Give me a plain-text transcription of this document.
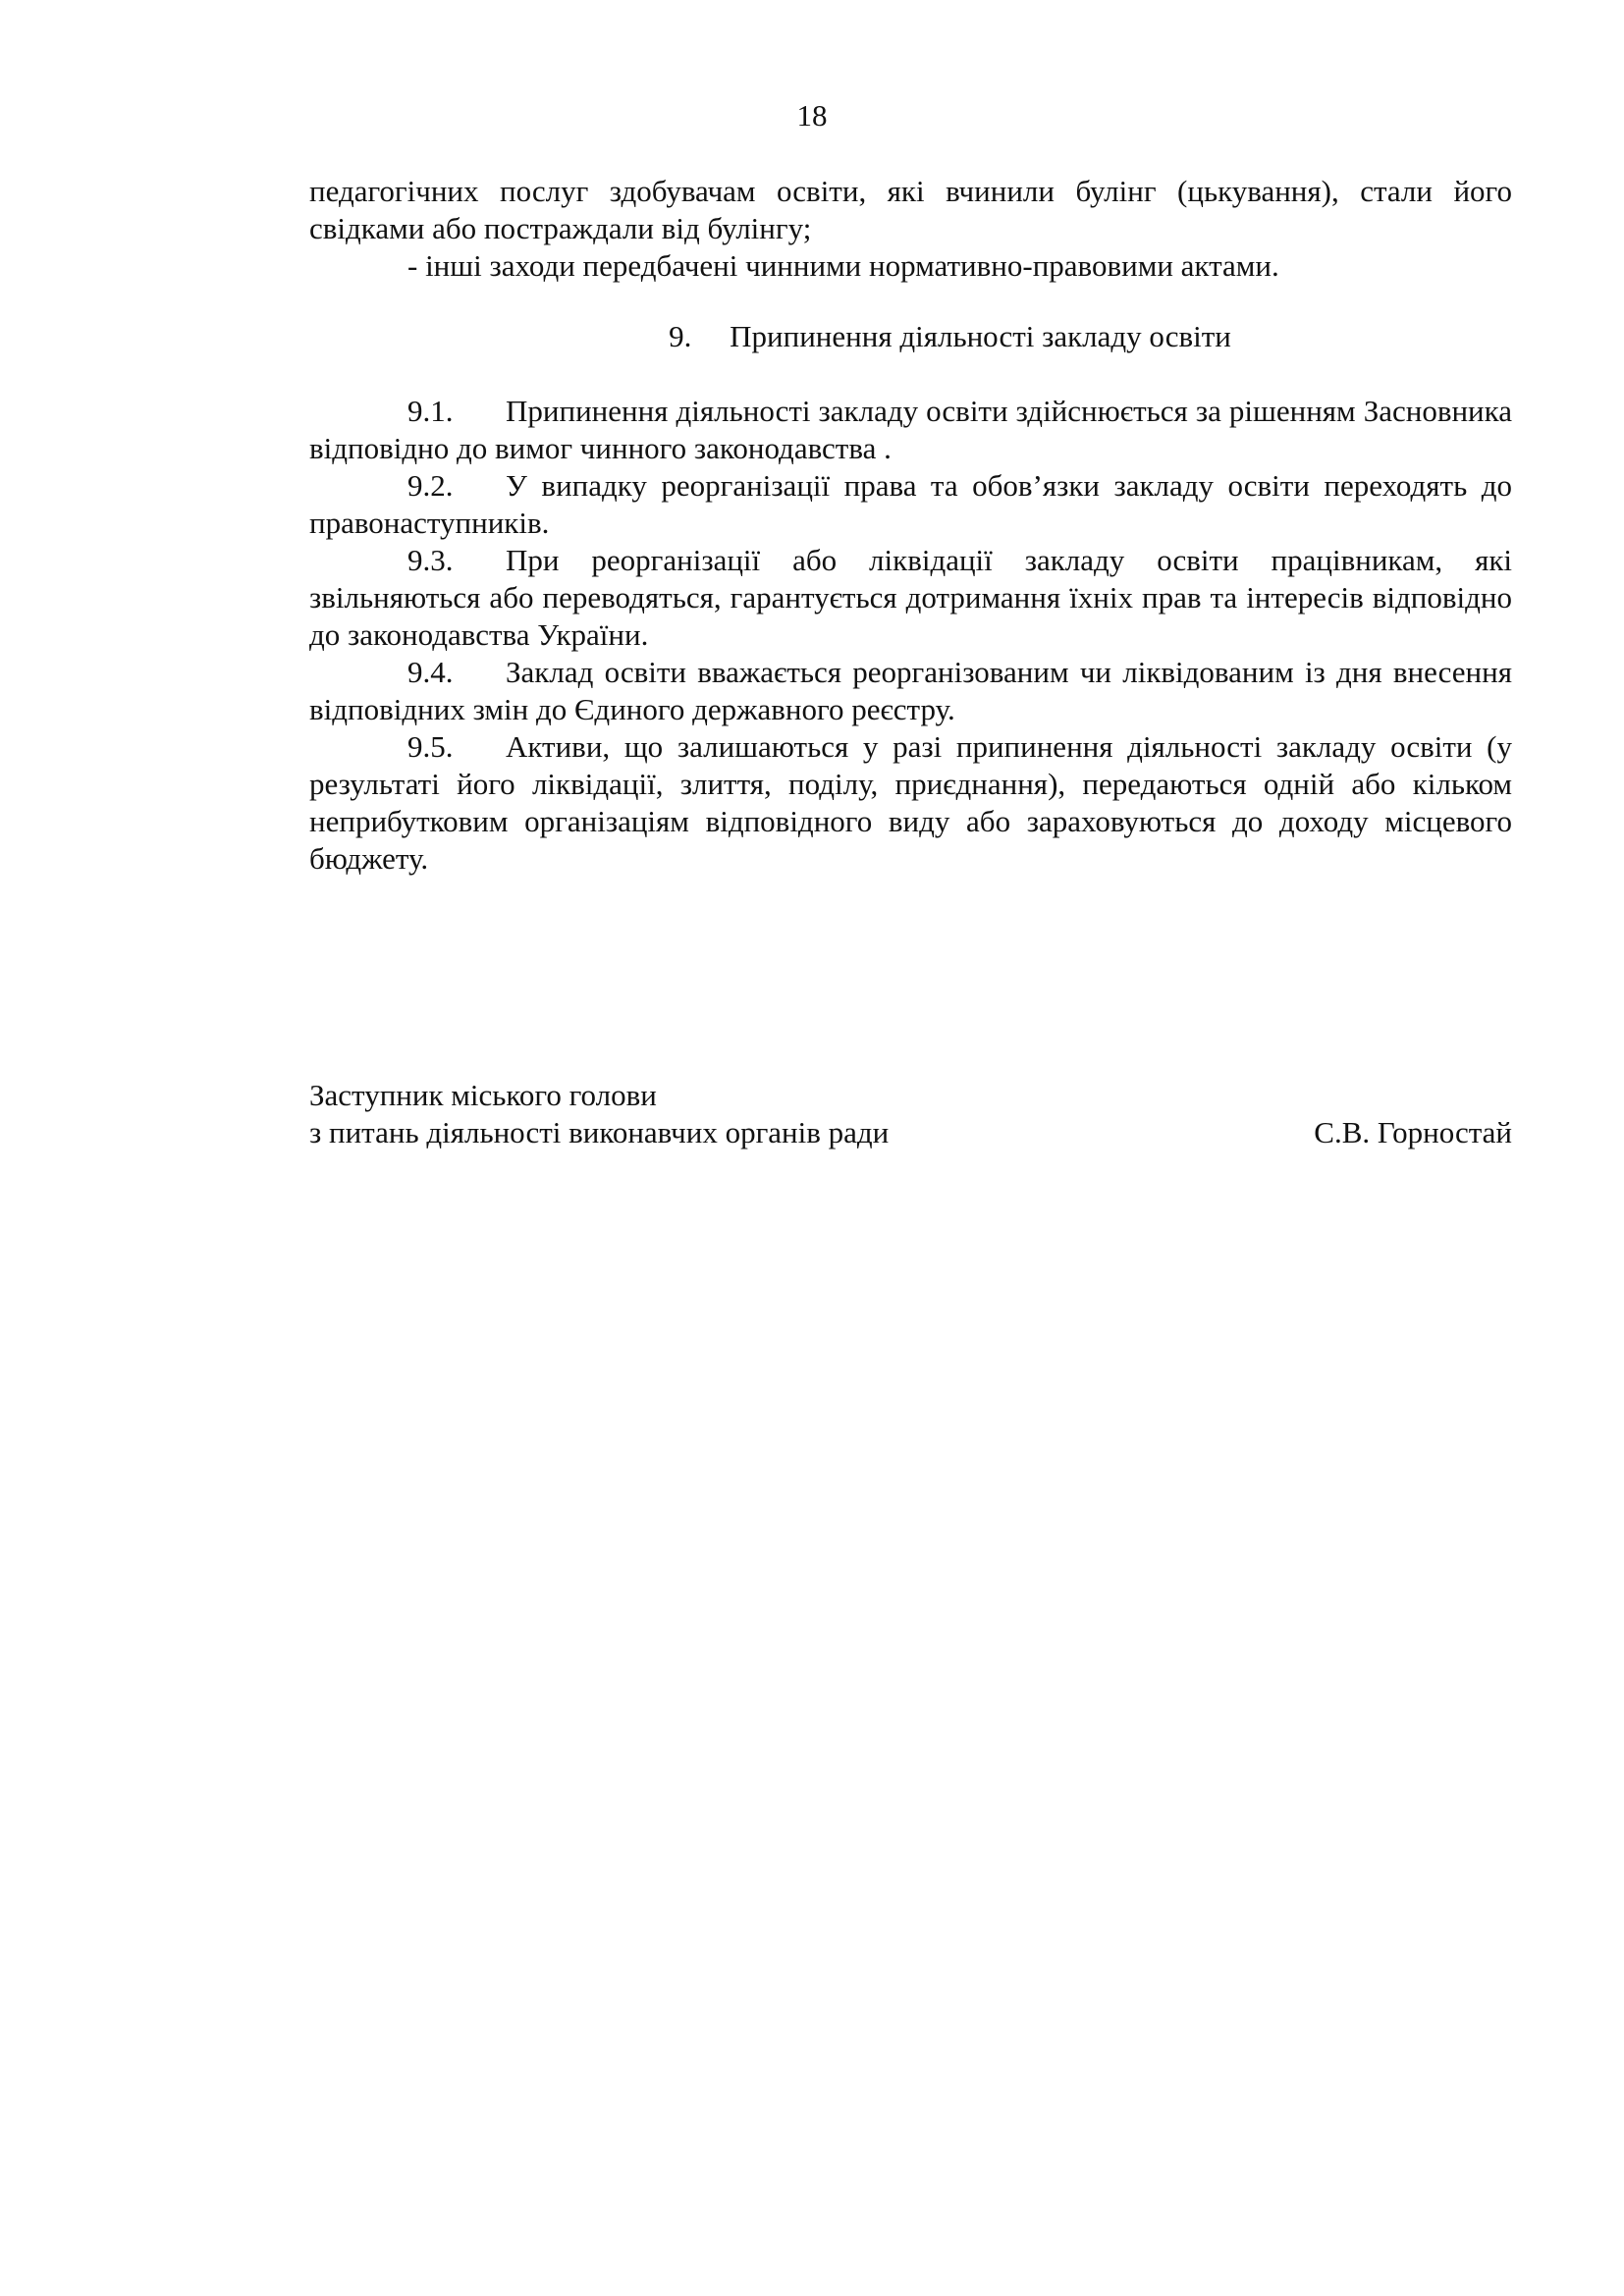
18

педагогічних послуг здобувачам освіти, які вчинили булінг (цькування), стали його свідками або постраждали від булінгу;

- інші заходи передбачені чинними нормативно-правовими актами.

9. Припинення діяльності закладу освіти

9.1. Припинення діяльності закладу освіти здійснюється за рішенням Засновника відповідно до вимог чинного законодавства .

9.2. У випадку реорганізації права та обов’язки закладу освіти переходять до правонаступників.

9.3. При реорганізації або ліквідації закладу освіти працівникам, які звільняються або переводяться, гарантується дотримання їхніх прав та інтересів відповідно до законодавства України.

9.4. Заклад освіти вважається реорганізованим чи ліквідованим із дня внесення відповідних змін до Єдиного державного реєстру.

9.5. Активи, що залишаються у разі припинення діяльності закладу освіти (у результаті його ліквідації, злиття, поділу, приєднання), передаються одній або кільком неприбутковим організаціям відповідного виду або зараховуються до доходу місцевого бюджету.

Заступник міського голови
з питань діяльності виконавчих органів ради	С.В. Горностай
